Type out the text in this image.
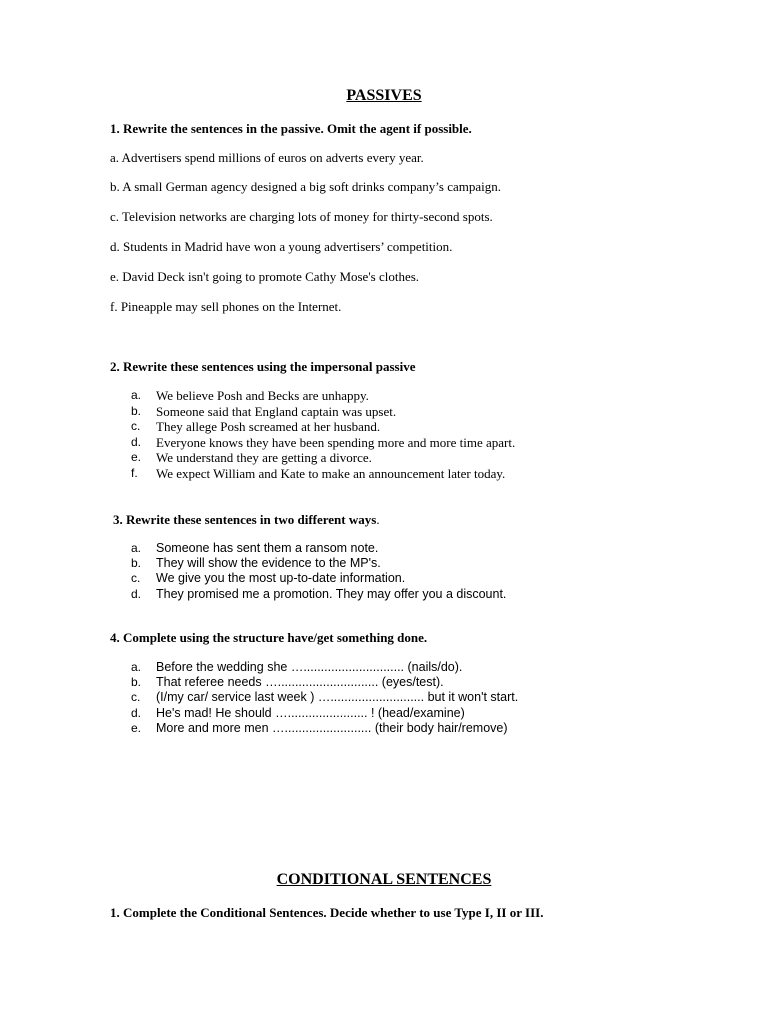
PASSIVES
1. Rewrite the sentences in the passive. Omit the agent if possible.
a. Advertisers spend millions of euros on adverts every year.
b. A small German agency designed a big soft drinks company’s campaign.
c. Television networks are charging lots of money for thirty-second spots.
d. Students in Madrid have won a young advertisers’ competition.
e. David Deck isn't going to promote Cathy Mose's clothes.
f. Pineapple may sell phones on the Internet.
2. Rewrite these sentences using the impersonal passive
a.	We believe Posh and Becks are unhappy.
b.	Someone said that England captain was upset.
c.	They allege Posh screamed at her husband.
d.	Everyone knows they have been spending more and more time apart.
e.	We understand they are getting a divorce.
f.	We expect William and Kate to make an announcement later today.
3. Rewrite these sentences in two different ways.
a.	Someone has sent them a ransom note.
b.	They will show the evidence to the MP's.
c.	We give you the most up-to-date information.
d.	They promised me a promotion. They may offer you a discount.
4. Complete using the structure have/get something done.
a.	Before the wedding she …............................. (nails/do).
b.	That referee needs …............................. (eyes/test).
c.	(I/my car/ service last week ) …........................... but it won't start.
d.	He's mad! He should …....................... ! (head/examine)
e.	More and more men …......................... (their body hair/remove)
CONDITIONAL SENTENCES
1. Complete the Conditional Sentences. Decide whether to use Type I, II or III.
